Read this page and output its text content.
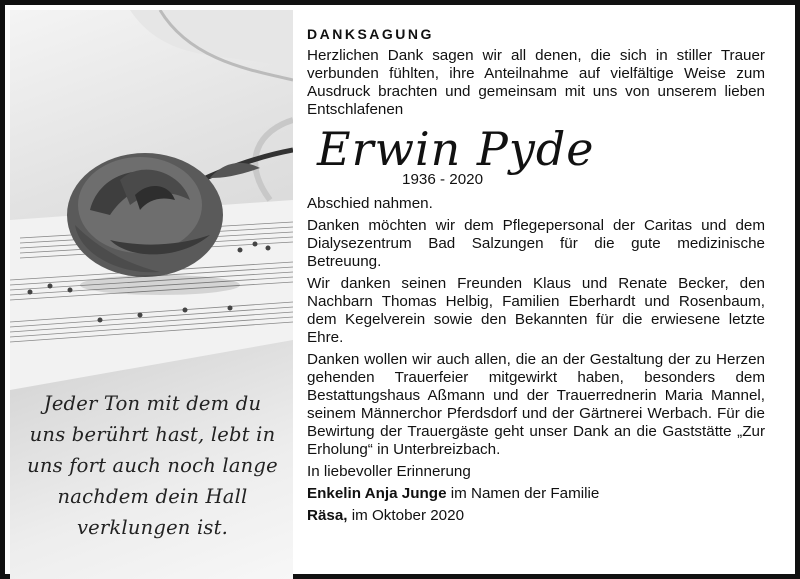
Jeder Ton mit dem du
uns berührt hast, lebt in
uns fort auch noch lange
nachdem dein Hall
verklungen ist.
DANKSAGUNG
Herzlichen Dank sagen wir all denen, die sich in stiller Trauer verbunden fühlten, ihre Anteilnahme auf vielfältige Weise zum Ausdruck brachten und gemeinsam mit uns von unserem lieben Entschlafenen
Erwin Pyde
1936 - 2020
Abschied nahmen.
Danken möchten wir dem Pflegepersonal der Caritas und dem Dialysezentrum Bad Salzungen für die gute medizinische Betreuung.
Wir danken seinen Freunden Klaus und Renate Becker, den Nachbarn Thomas Helbig, Familien Eberhardt und Rosenbaum, dem Kegelverein sowie den Bekannten für die erwiesene letzte Ehre.
Danken wollen wir auch allen, die an der Gestaltung der zu Herzen gehenden Trauerfeier mitgewirkt haben, besonders dem Bestattungshaus Aßmann und der Trauerrednerin Maria Mannel, seinem Männerchor Pferdsdorf und der Gärtnerei Werbach. Für die Bewirtung der Trauergäste geht unser Dank an die Gaststätte „Zur Erholung“ in Unterbreizbach.
In liebevoller Erinnerung
Enkelin Anja Junge im Namen der Familie
Räsa, im Oktober 2020
